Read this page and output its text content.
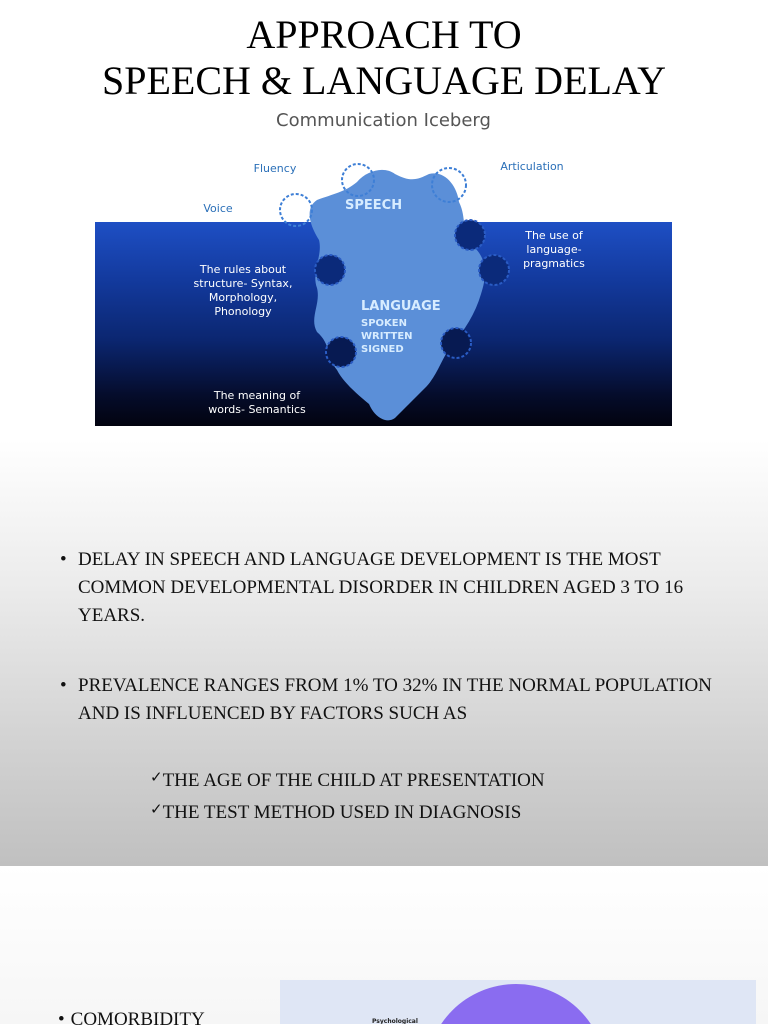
APPROACH TO
SPEECH & LANGUAGE DELAY
Communication Iceberg
Fluency	Articulation
Voice	SPEECH
The rules about
structure- Syntax,
Morphology,
Phonology
The use of
language-
pragmatics
The meaning of
words- Semantics
LANGUAGE
SPOKEN
WRITTEN
SIGNED
• DELAY IN SPEECH AND LANGUAGE DEVELOPMENT IS THE MOST COMMON DEVELOPMENTAL DISORDER IN CHILDREN AGED 3 TO 16 YEARS.
• PREVALENCE RANGES FROM 1% TO 32% IN THE NORMAL POPULATION AND IS INFLUENCED BY FACTORS SUCH AS
✓THE AGE OF THE CHILD AT PRESENTATION
✓THE TEST METHOD USED IN DIAGNOSIS
• COMORBIDITY	Psychological
